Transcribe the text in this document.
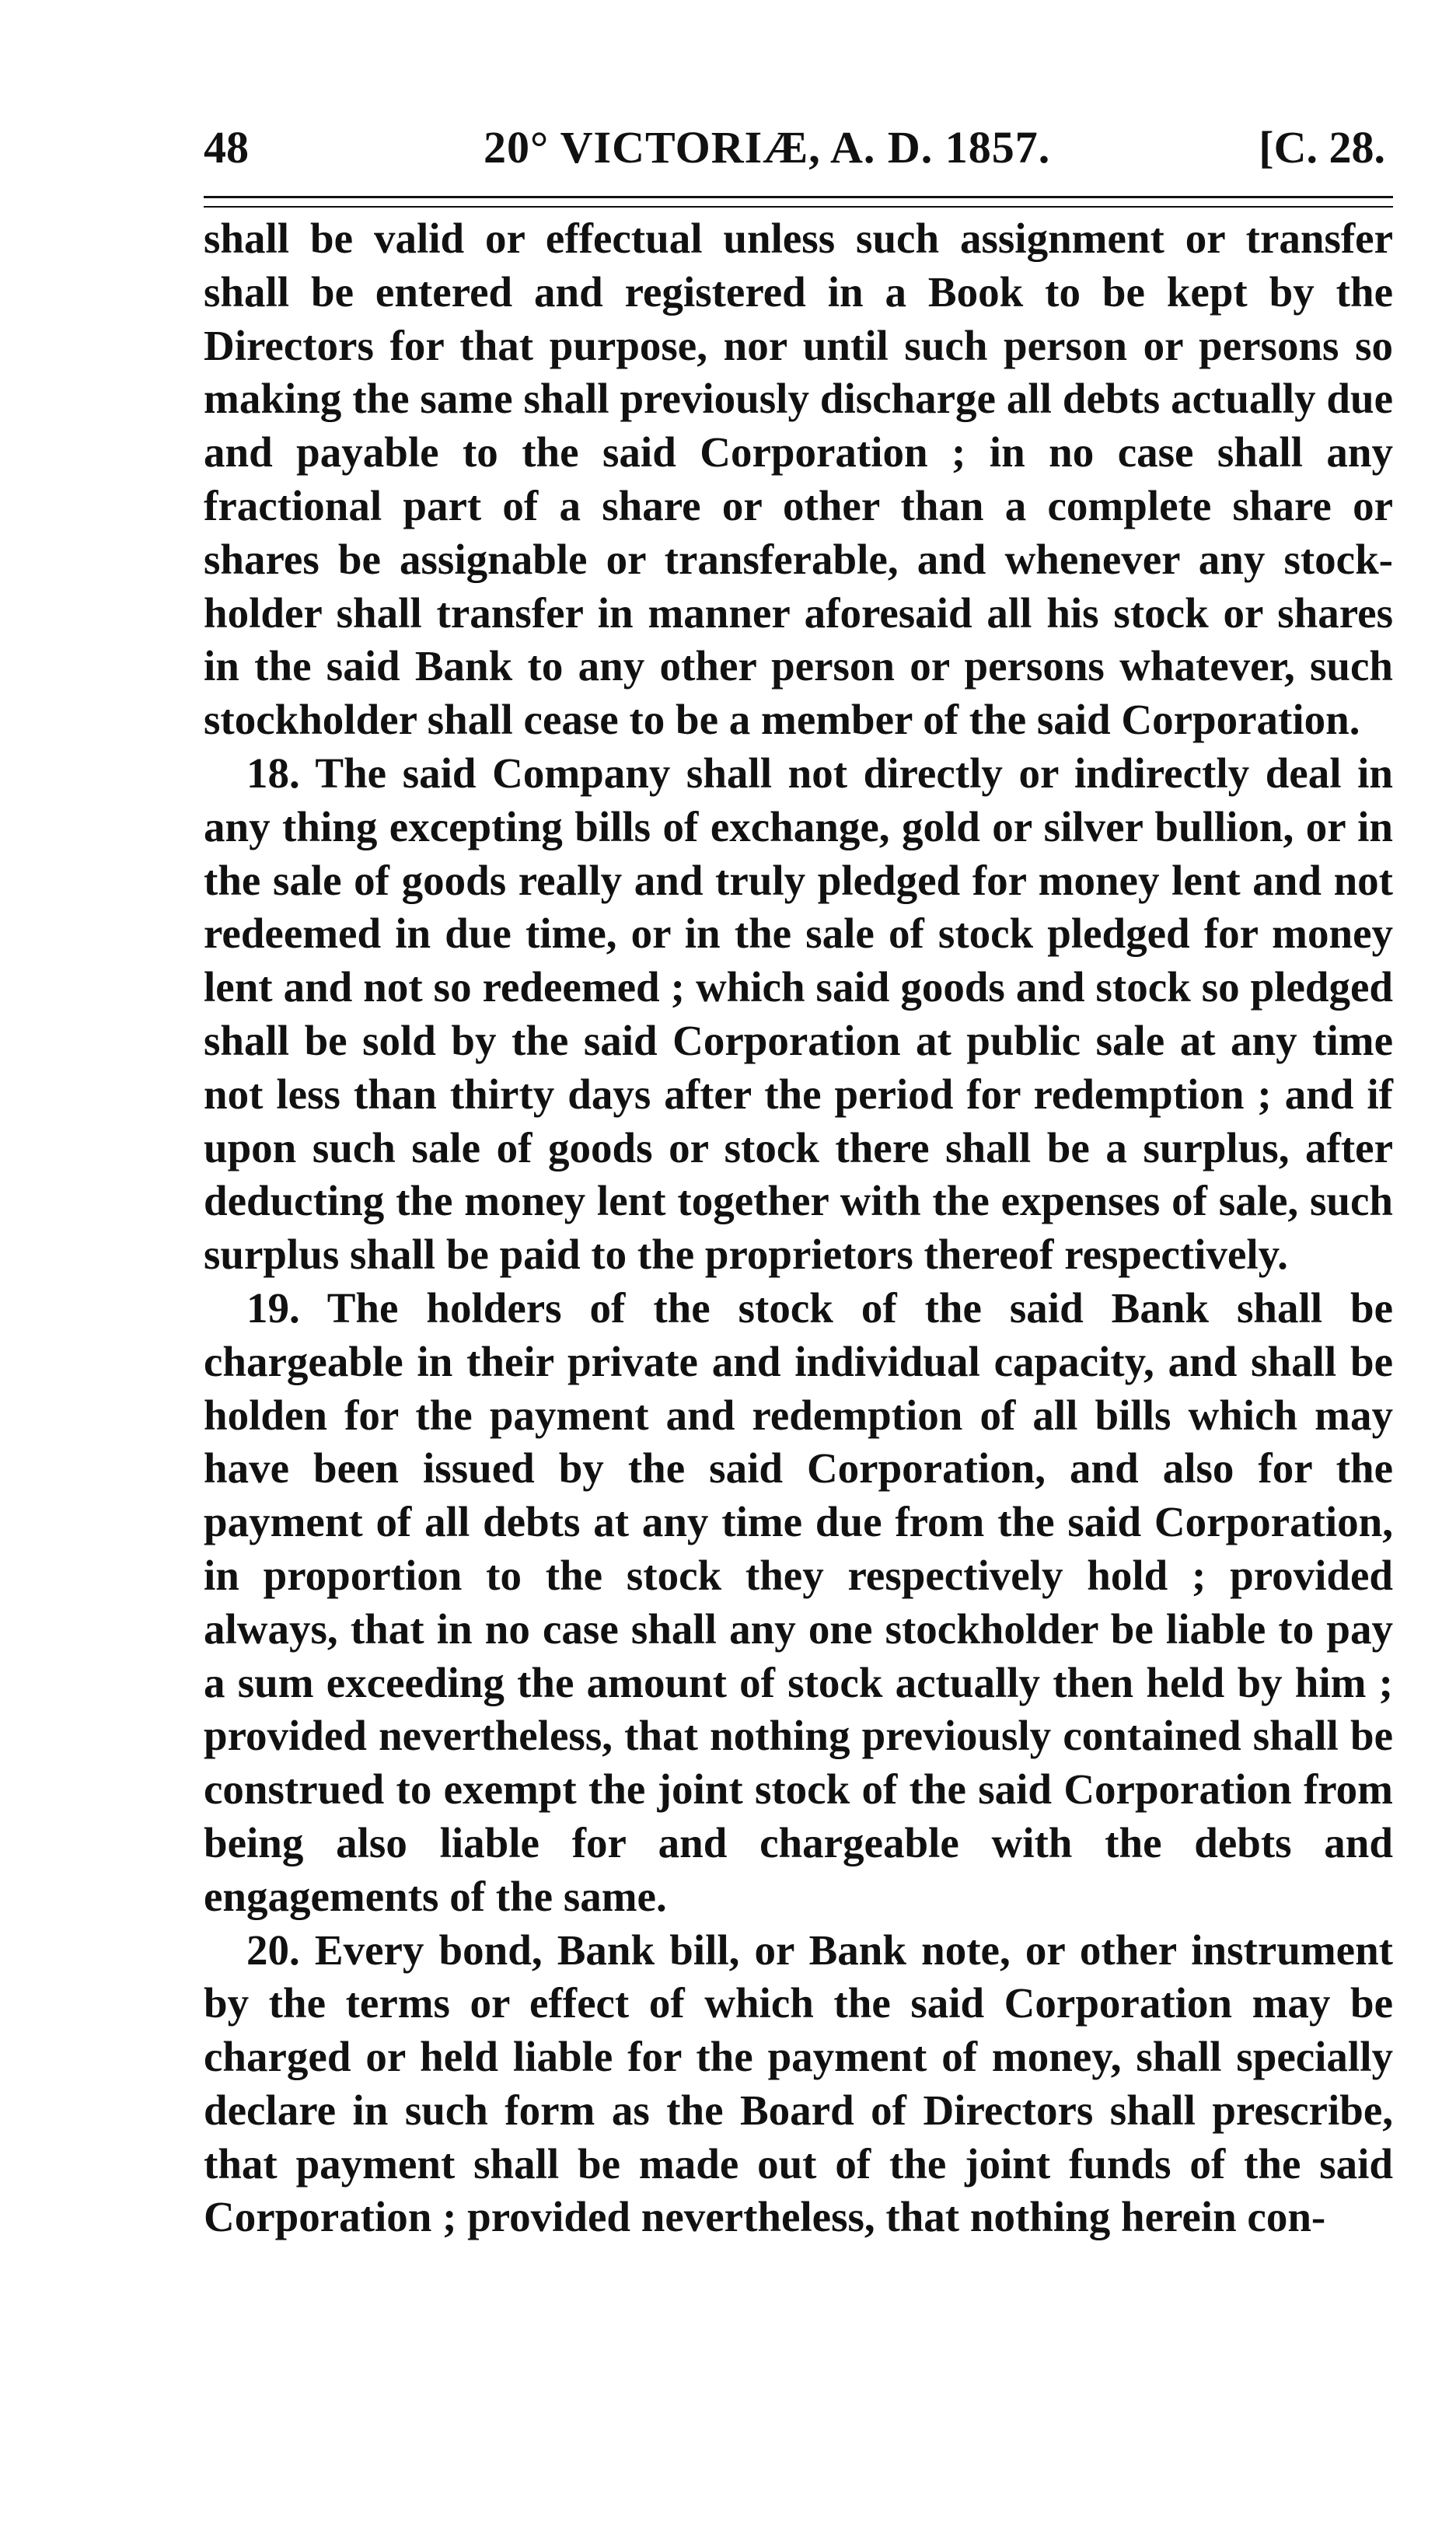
48	20° VICTORIÆ, A. D. 1857.	[C. 28.

shall be valid or effectual unless such assignment or transfer shall be entered and registered in a Book to be kept by the Directors for that purpose, nor until such person or persons so making the same shall previously discharge all debts actually due and payable to the said Corporation ; in no case shall any fractional part of a share or other than a complete share or shares be assignable or transferable, and whenever any stock-holder shall transfer in manner aforesaid all his stock or shares in the said Bank to any other person or persons whatever, such stockholder shall cease to be a member of the said Corporation.

18. The said Company shall not directly or indirectly deal in any thing excepting bills of exchange, gold or silver bullion, or in the sale of goods really and truly pledged for money lent and not redeemed in due time, or in the sale of stock pledged for money lent and not so redeemed ; which said goods and stock so pledged shall be sold by the said Corporation at public sale at any time not less than thirty days after the period for redemption ; and if upon such sale of goods or stock there shall be a surplus, after deducting the money lent together with the expenses of sale, such surplus shall be paid to the proprietors thereof respectively.

19. The holders of the stock of the said Bank shall be chargeable in their private and individual capacity, and shall be holden for the payment and redemption of all bills which may have been issued by the said Corporation, and also for the payment of all debts at any time due from the said Corporation, in proportion to the stock they respectively hold ; provided always, that in no case shall any one stockholder be liable to pay a sum exceeding the amount of stock actually then held by him ; provided nevertheless, that nothing previously contained shall be construed to exempt the joint stock of the said Corporation from being also liable for and chargeable with the debts and engagements of the same.

20. Every bond, Bank bill, or Bank note, or other instrument by the terms or effect of which the said Corporation may be charged or held liable for the payment of money, shall specially declare in such form as the Board of Directors shall prescribe, that payment shall be made out of the joint funds of the said Corporation ; provided nevertheless, that nothing herein con-
